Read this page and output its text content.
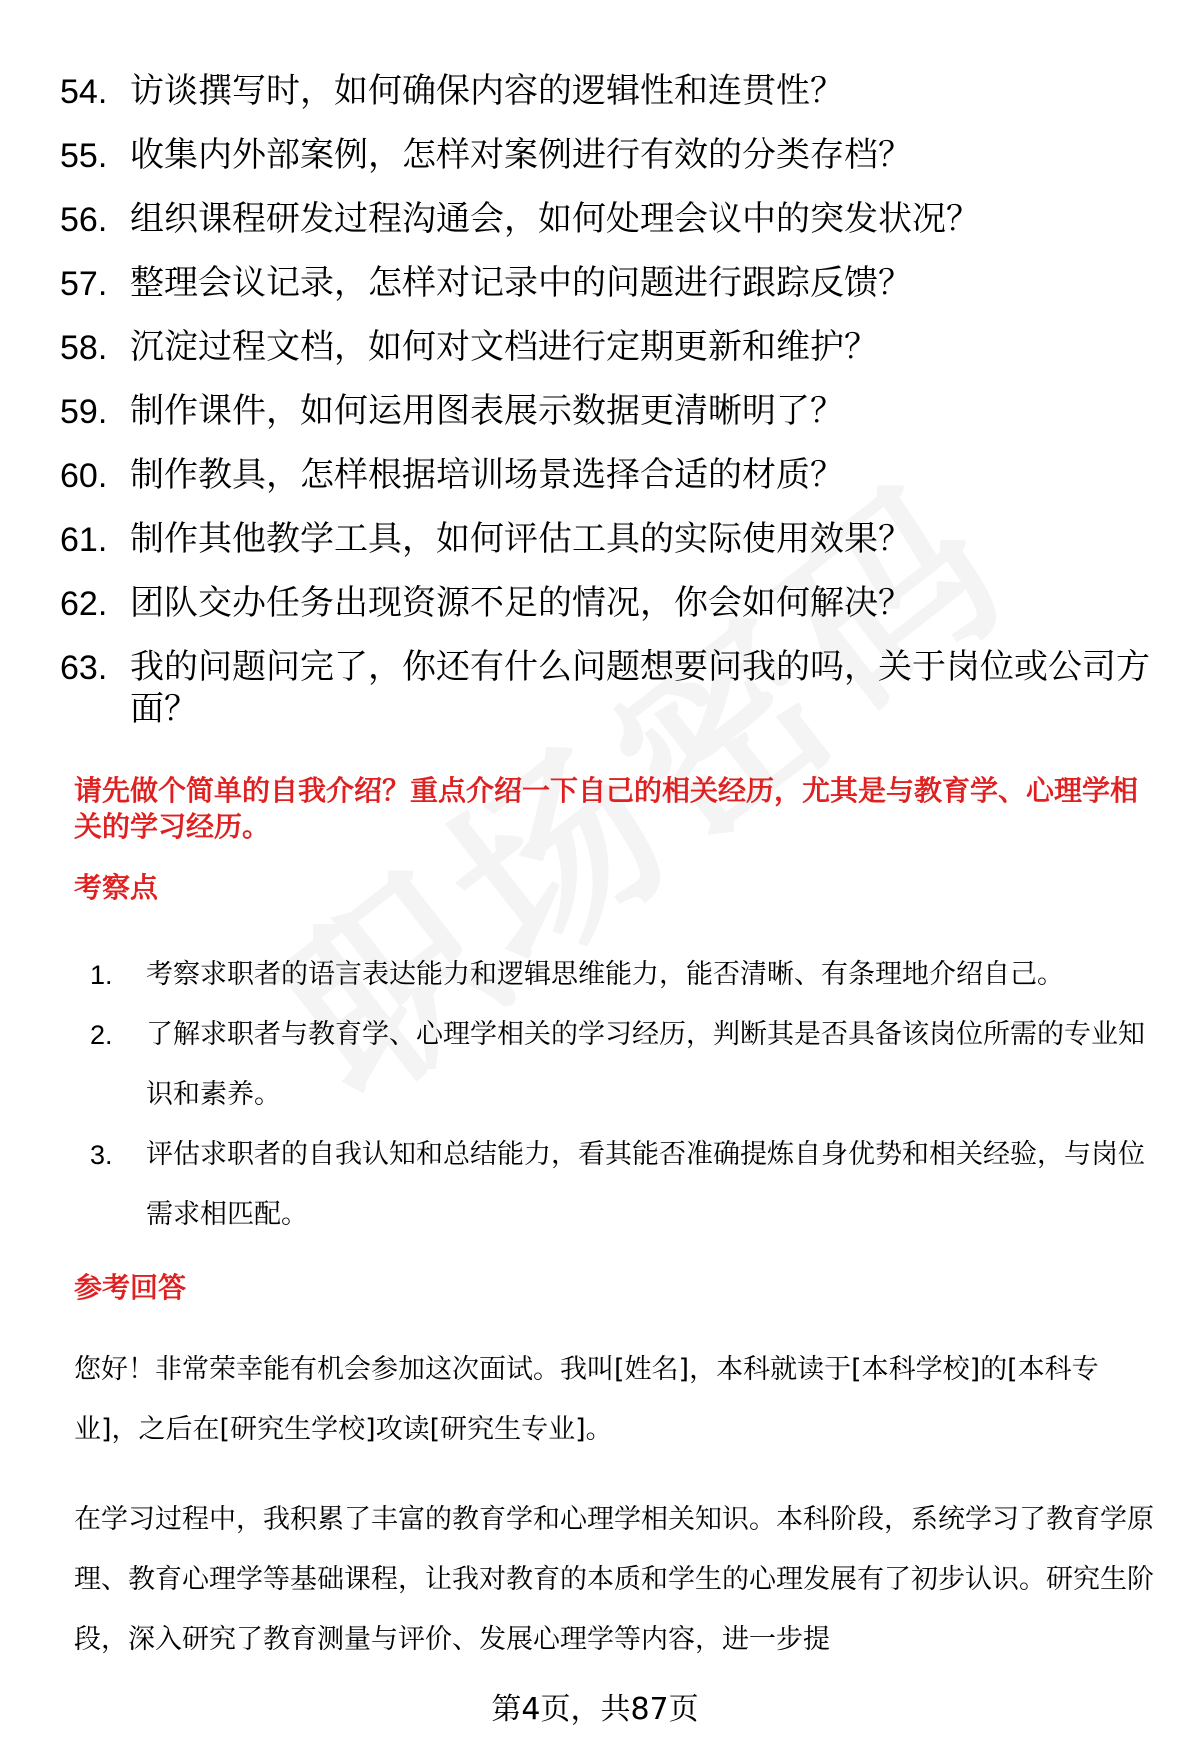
54. 访谈撰写时，如何确保内容的逻辑性和连贯性？
55. 收集内外部案例，怎样对案例进行有效的分类存档？
56. 组织课程研发过程沟通会，如何处理会议中的突发状况？
57. 整理会议记录，怎样对记录中的问题进行跟踪反馈？
58. 沉淀过程文档，如何对文档进行定期更新和维护？
59. 制作课件，如何运用图表展示数据更清晰明了？
60. 制作教具，怎样根据培训场景选择合适的材质？
61. 制作其他教学工具，如何评估工具的实际使用效果？
62. 团队交办任务出现资源不足的情况，你会如何解决？
63. 我的问题问完了，你还有什么问题想要问我的吗，关于岗位或公司方面？
请先做个简单的自我介绍？重点介绍一下自己的相关经历，尤其是与教育学、心理学相关的学习经历。
考察点
1.	考察求职者的语言表达能力和逻辑思维能力，能否清晰、有条理地介绍自己。
2.	了解求职者与教育学、心理学相关的学习经历，判断其是否具备该岗位所需的专业知识和素养。
3.	评估求职者的自我认知和总结能力，看其能否准确提炼自身优势和相关经验，与岗位需求相匹配。
参考回答

您好！非常荣幸能有机会参加这次面试。我叫[姓名]，本科就读于[本科学校]的[本科专业]，之后在[研究生学校]攻读[研究生专业]。

在学习过程中，我积累了丰富的教育学和心理学相关知识。本科阶段，系统学习了教育学原理、教育心理学等基础课程，让我对教育的本质和学生的心理发展有了初步认识。研究生阶段，深入研究了教育测量与评价、发展心理学等内容，进一步提

第4页，共87页
